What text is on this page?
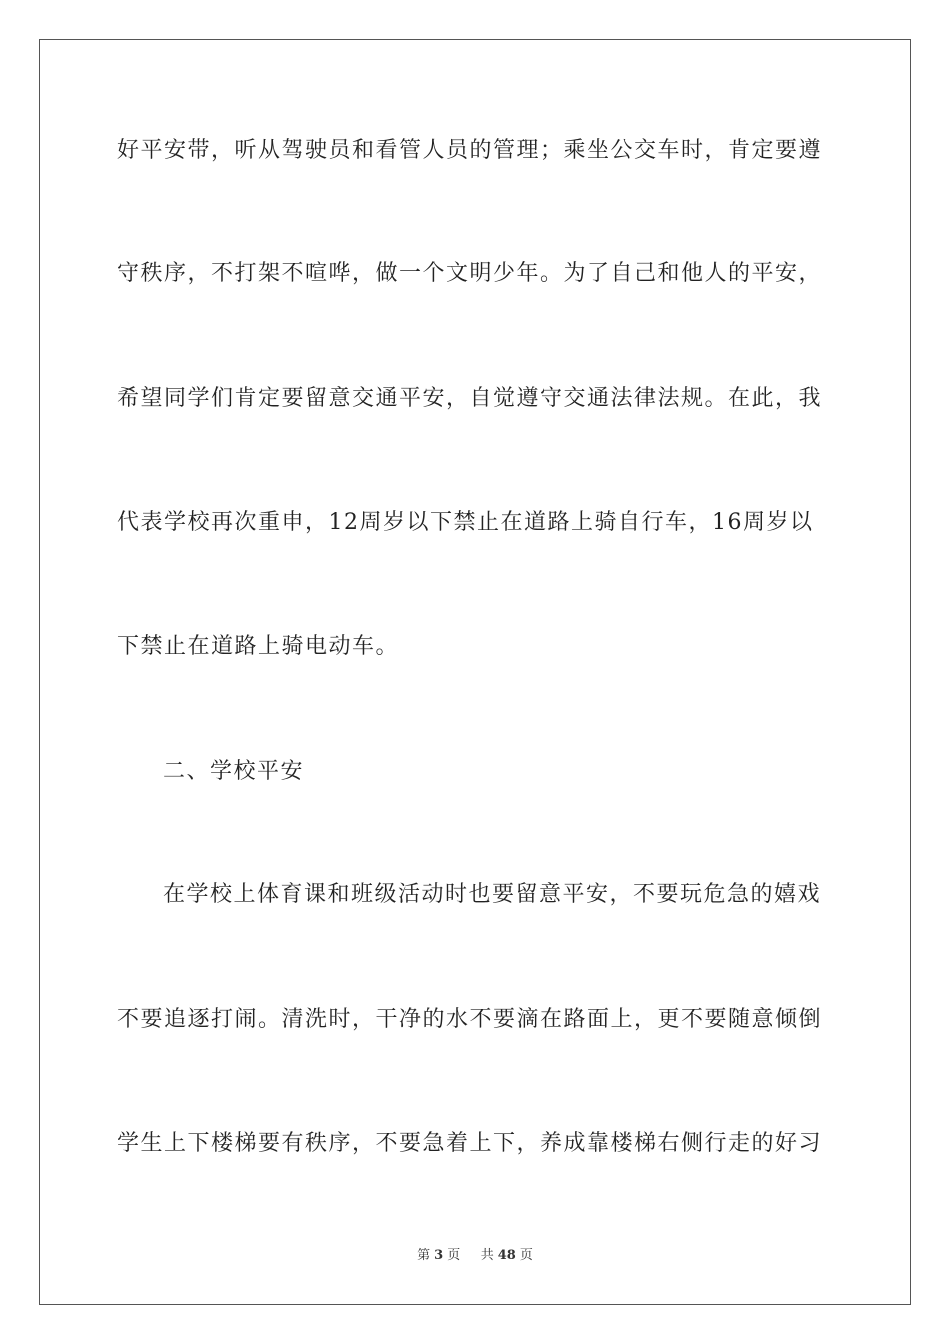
好平安带，听从驾驶员和看管人员的管理；乘坐公交车时，肯定要遵
守秩序，不打架不喧哗，做一个文明少年。为了自己和他人的平安，
希望同学们肯定要留意交通平安，自觉遵守交通法律法规。在此，我
代表学校再次重申，12周岁以下禁止在道路上骑自行车，16周岁以
下禁止在道路上骑电动车。
二、学校平安
在学校上体育课和班级活动时也要留意平安，不要玩危急的嬉戏
不要追逐打闹。清洗时，干净的水不要滴在路面上，更不要随意倾倒
学生上下楼梯要有秩序，不要急着上下，养成靠楼梯右侧行走的好习
第 3 页 共 48 页
